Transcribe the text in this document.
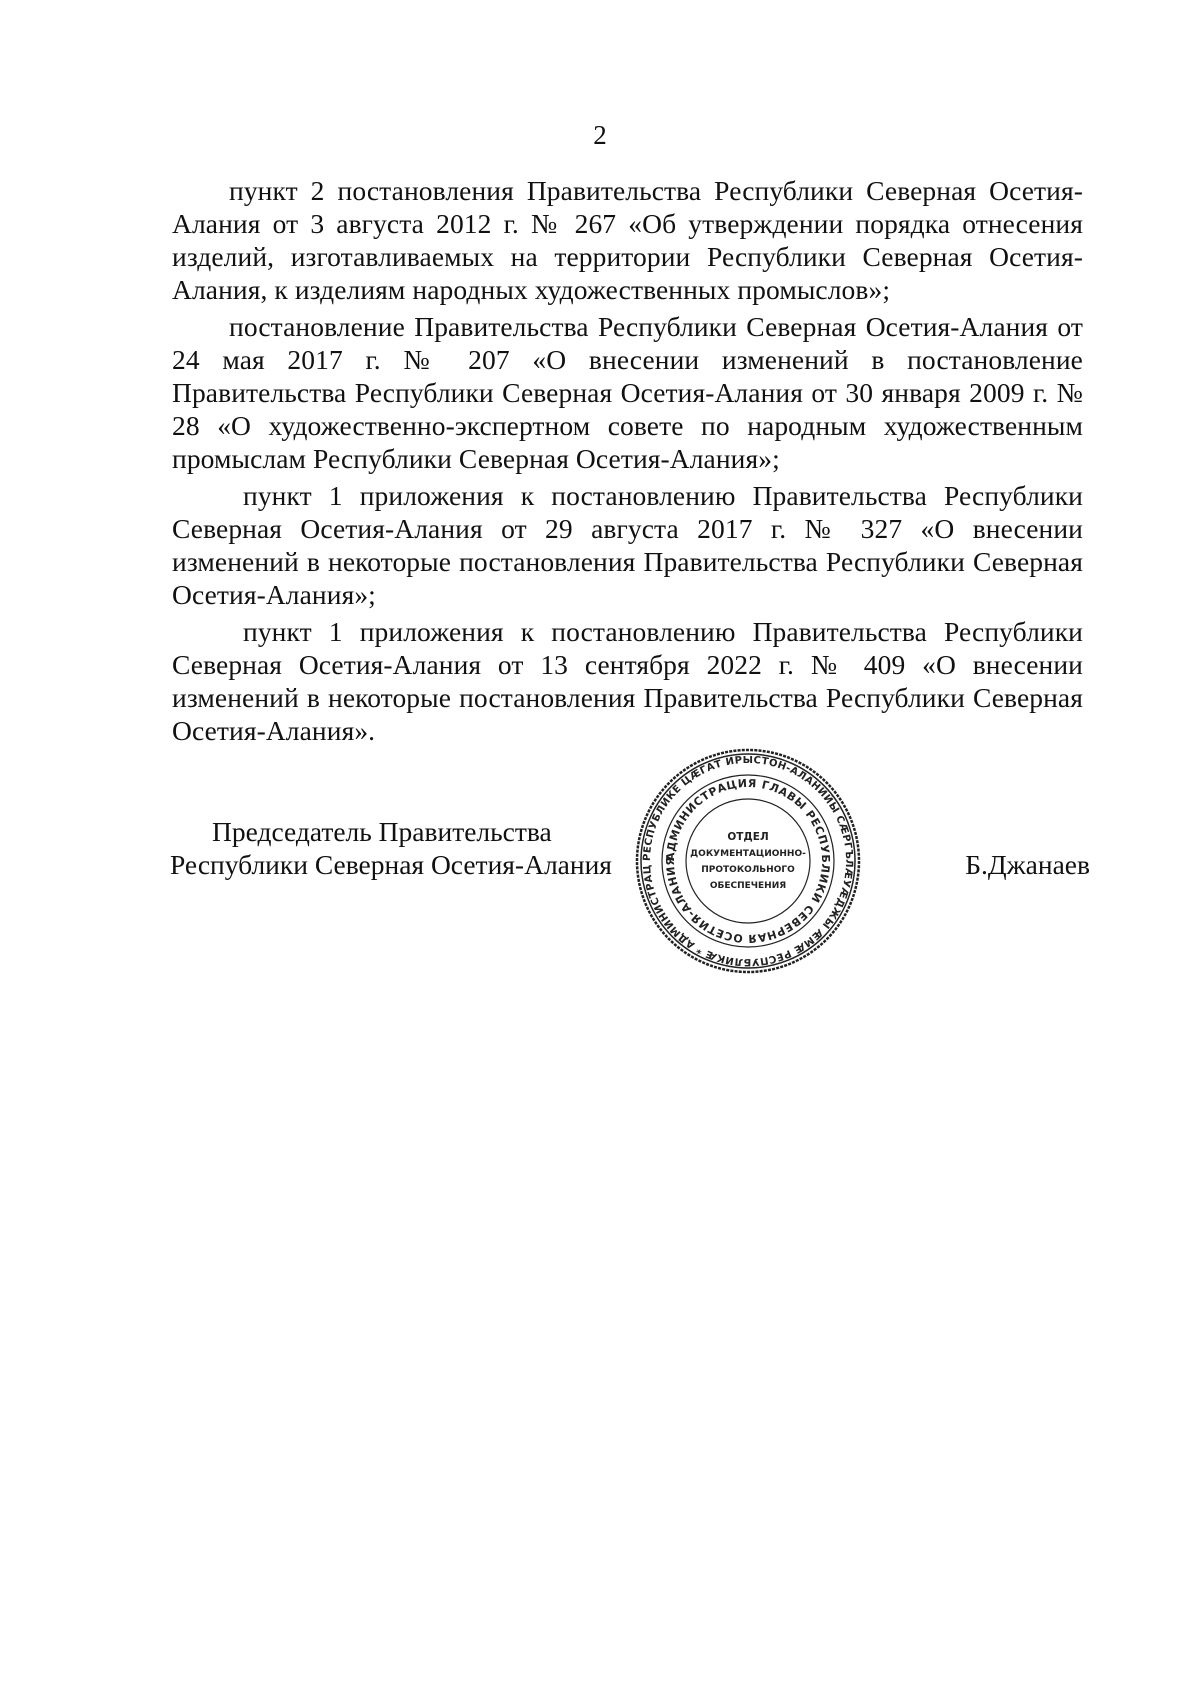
2

пункт 2 постановления Правительства Республики Северная Осетия-Алания от 3 августа 2012 г. № 267 «Об утверждении порядка отнесения изделий, изготавливаемых на территории Республики Северная Осетия-Алания, к изделиям народных художественных промыслов»;

постановление Правительства Республики Северная Осетия-Алания от 24 мая 2017 г. № 207 «О внесении изменений в постановление Правительства Республики Северная Осетия-Алания от 30 января 2009 г. № 28 «О художественно-экспертном совете по народным художественным промыслам Республики Северная Осетия-Алания»;

пункт 1 приложения к постановлению Правительства Республики Северная Осетия-Алания от 29 августа 2017 г. № 327 «О внесении изменений в некоторые постановления Правительства Республики Северная Осетия-Алания»;

пункт 1 приложения к постановлению Правительства Республики Северная Осетия-Алания от 13 сентября 2022 г. № 409 «О внесении изменений в некоторые постановления Правительства Республики Северная Осетия-Алания».

Председатель Правительства
Республики Северная Осетия-Алания	Б.Джанаев
РЕСПУБЛИКЕ ЦÆГАТ ИРЫСТОН-АЛАНИЙЫ СÆРГЪЛÆУÆДЖЫ ÆМÆ РЕСПУБЛИКÆ * АДМИНИСТРАЦ
АДМИНИСТРАЦИЯ ГЛАВЫ РЕСПУБЛИКИ СЕВЕРНАЯ ОСЕТИЯ-АЛАНИЯ
ОТДЕЛ
ДОКУМЕНТАЦИОННО-
ПРОТОКОЛЬНОГО
ОБЕСПЕЧЕНИЯ
